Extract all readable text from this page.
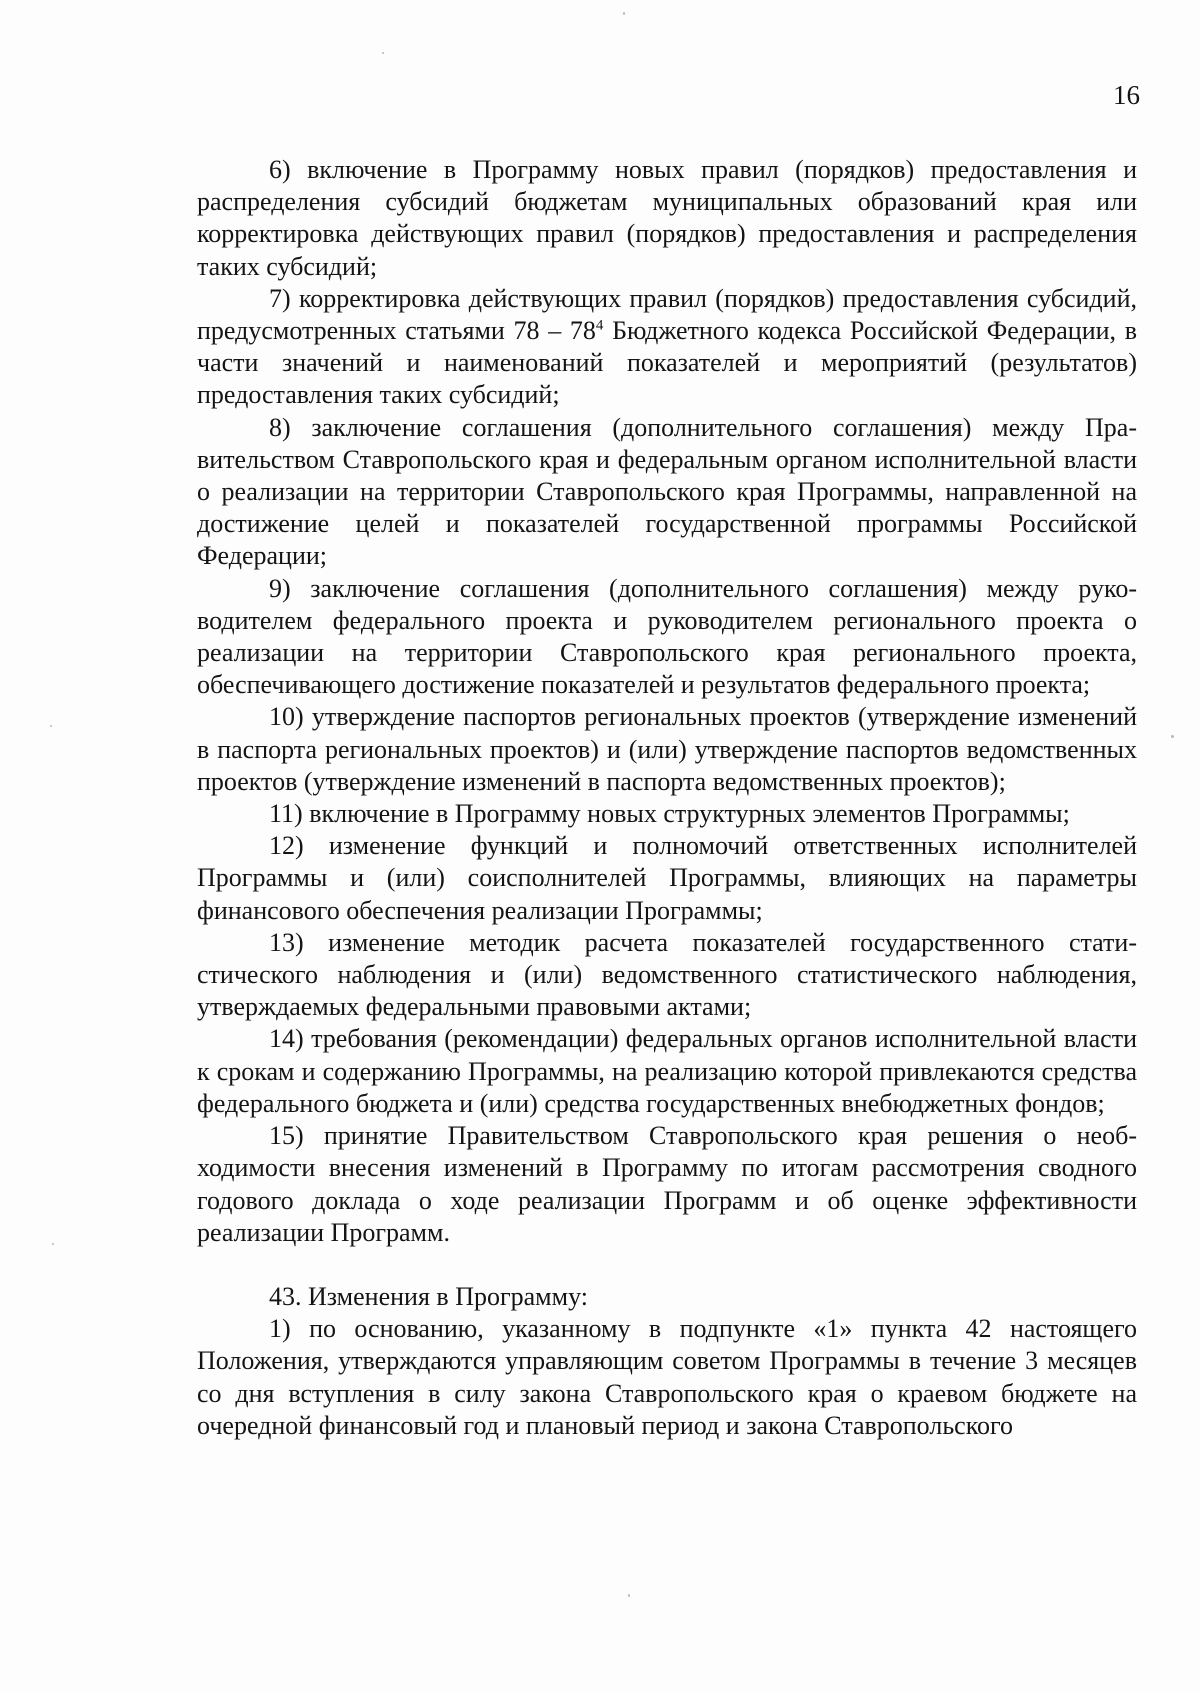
16

6) включение в Программу новых правил (порядков) предоставления и распределения субсидий бюджетам муниципальных образований края или корректировка действующих правил (порядков) предоставления и распределения таких субсидий;

7) корректировка действующих правил (порядков) предоставления субсидий, предусмотренных статьями $78 - 78^4$ Бюджетного кодекса Российской Федерации, в части значений и наименований показателей и мероприятий (результатов) предоставления таких субсидий;

8) заключение соглашения (дополнительного соглашения) между Правительством Ставропольского края и федеральным органом исполнительной власти о реализации на территории Ставропольского края Программы, направленной на достижение целей и показателей государственной программы Российской Федерации;

9) заключение соглашения (дополнительного соглашения) между руководителем федерального проекта и руководителем регионального проекта о реализации на территории Ставропольского края регионального проекта, обеспечивающего достижение показателей и результатов федерального проекта;

10) утверждение паспортов региональных проектов (утверждение изменений в паспорта региональных проектов) и (или) утверждение паспортов ведомственных проектов (утверждение изменений в паспорта ведомственных проектов);

11) включение в Программу новых структурных элементов Программы;

12) изменение функций и полномочий ответственных исполнителей Программы и (или) соисполнителей Программы, влияющих на параметры финансового обеспечения реализации Программы;

13) изменение методик расчета показателей государственного статистического наблюдения и (или) ведомственного статистического наблюдения, утверждаемых федеральными правовыми актами;

14) требования (рекомендации) федеральных органов исполнительной власти к срокам и содержанию Программы, на реализацию которой привлекаются средства федерального бюджета и (или) средства государственных внебюджетных фондов;

15) принятие Правительством Ставропольского края решения о необходимости внесения изменений в Программу по итогам рассмотрения сводного годового доклада о ходе реализации Программ и об оценке эффективности реализации Программ.

43. Изменения в Программу:

1) по основанию, указанному в подпункте «1» пункта 42 настоящего Положения, утверждаются управляющим советом Программы в течение 3 месяцев со дня вступления в силу закона Ставропольского края о краевом бюджете на очередной финансовый год и плановый период и закона Ставропольского
